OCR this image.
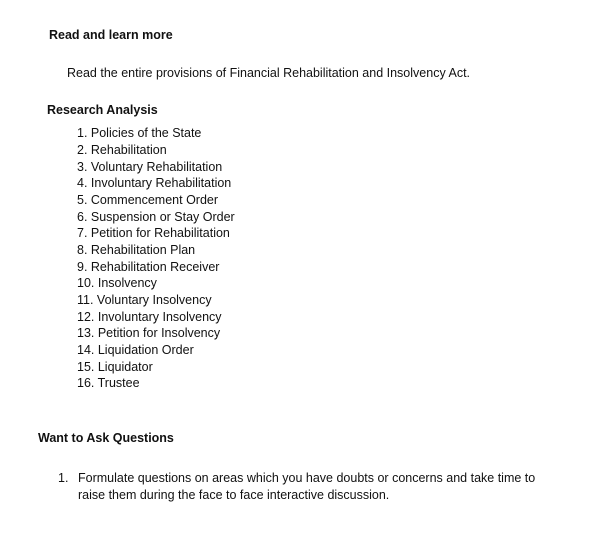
Read and learn more
Read the entire provisions of Financial Rehabilitation and Insolvency Act.
Research Analysis
1. Policies of the State
2. Rehabilitation
3. Voluntary Rehabilitation
4. Involuntary Rehabilitation
5. Commencement Order
6. Suspension or Stay Order
7. Petition for Rehabilitation
8. Rehabilitation Plan
9. Rehabilitation Receiver
10. Insolvency
11. Voluntary Insolvency
12. Involuntary Insolvency
13. Petition for Insolvency
14. Liquidation Order
15. Liquidator
16. Trustee
Want to Ask Questions
1. Formulate questions on areas which you have doubts or concerns and take time to raise them during the face to face interactive discussion.
